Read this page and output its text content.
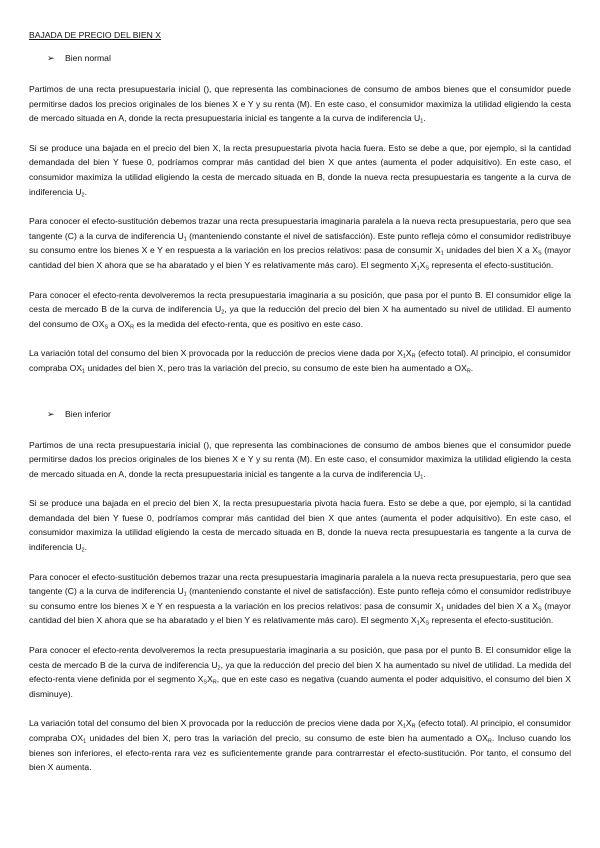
BAJADA DE PRECIO DEL BIEN X

➢	Bien normal

Partimos de una recta presupuestaria inicial (), que representa las combinaciones de consumo de ambos bienes que el consumidor puede permitirse dados los precios originales de los bienes X e Y y su renta (M). En este caso, el consumidor maximiza la utilidad eligiendo la cesta de mercado situada en A, donde la recta presupuestaria inicial es tangente a la curva de indiferencia $U_1$.

Si se produce una bajada en el precio del bien X, la recta presupuestaria pivota hacia fuera. Esto se debe a que, por ejemplo, si la cantidad demandada del bien Y fuese 0, podríamos comprar más cantidad del bien X que antes (aumenta el poder adquisitivo). En este caso, el consumidor maximiza la utilidad eligiendo la cesta de mercado situada en B, donde la nueva recta presupuestaria es tangente a la curva de indiferencia $U_2$.

Para conocer el efecto-sustitución debemos trazar una recta presupuestaria imaginaria paralela a la nueva recta presupuestaria, pero que sea tangente (C) a la curva de indiferencia $U_1$ (manteniendo constante el nivel de satisfacción). Este punto refleja cómo el consumidor redistribuye su consumo entre los bienes X e Y en respuesta a la variación en los precios relativos: pasa de consumir $X_1$ unidades del bien X a $X_S$ (mayor cantidad del bien X ahora que se ha abaratado y el bien Y es relativamente más caro). El segmento $X_1X_S$ representa el efecto-sustitución.

Para conocer el efecto-renta devolveremos la recta presupuestaria imaginaria a su posición, que pasa por el punto B. El consumidor elige la cesta de mercado B de la curva de indiferencia $U_2$, ya que la reducción del precio del bien X ha aumentado su nivel de utilidad. El aumento del consumo de $OX_S$ a $OX_R$ es la medida del efecto-renta, que es positivo en este caso.

La variación total del consumo del bien X provocada por la reducción de precios viene dada por $X_1X_R$ (efecto total). Al principio, el consumidor compraba $OX_1$ unidades del bien X, pero tras la variación del precio, su consumo de este bien ha aumentado a $OX_R$.

➢	Bien inferior

Partimos de una recta presupuestaria inicial (), que representa las combinaciones de consumo de ambos bienes que el consumidor puede permitirse dados los precios originales de los bienes X e Y y su renta (M). En este caso, el consumidor maximiza la utilidad eligiendo la cesta de mercado situada en A, donde la recta presupuestaria inicial es tangente a la curva de indiferencia $U_1$.

Si se produce una bajada en el precio del bien X, la recta presupuestaria pivota hacia fuera. Esto se debe a que, por ejemplo, si la cantidad demandada del bien Y fuese 0, podríamos comprar más cantidad del bien X que antes (aumenta el poder adquisitivo). En este caso, el consumidor maximiza la utilidad eligiendo la cesta de mercado situada en B, donde la nueva recta presupuestaria es tangente a la curva de indiferencia $U_2$.

Para conocer el efecto-sustitución debemos trazar una recta presupuestaria imaginaria paralela a la nueva recta presupuestaria, pero que sea tangente (C) a la curva de indiferencia $U_1$ (manteniendo constante el nivel de satisfacción). Este punto refleja cómo el consumidor redistribuye su consumo entre los bienes X e Y en respuesta a la variación en los precios relativos: pasa de consumir $X_1$ unidades del bien X a $X_S$ (mayor cantidad del bien X ahora que se ha abaratado y el bien Y es relativamente más caro). El segmento $X_1X_S$ representa el efecto-sustitución.

Para conocer el efecto-renta devolveremos la recta presupuestaria imaginaria a su posición, que pasa por el punto B. El consumidor elige la cesta de mercado B de la curva de indiferencia $U_2$, ya que la reducción del precio del bien X ha aumentado su nivel de utilidad. La medida del efecto-renta viene definida por el segmento $X_SX_R$, que en este caso es negativa (cuando aumenta el poder adquisitivo, el consumo del bien X disminuye).

La variación total del consumo del bien X provocada por la reducción de precios viene dada por $X_1X_R$ (efecto total). Al principio, el consumidor compraba $OX_1$ unidades del bien X, pero tras la variación del precio, su consumo de este bien ha aumentado a $OX_R$. Incluso cuando los bienes son inferiores, el efecto-renta rara vez es suficientemente grande para contrarrestar el efecto-sustitución. Por tanto, el consumo del bien X aumenta.
